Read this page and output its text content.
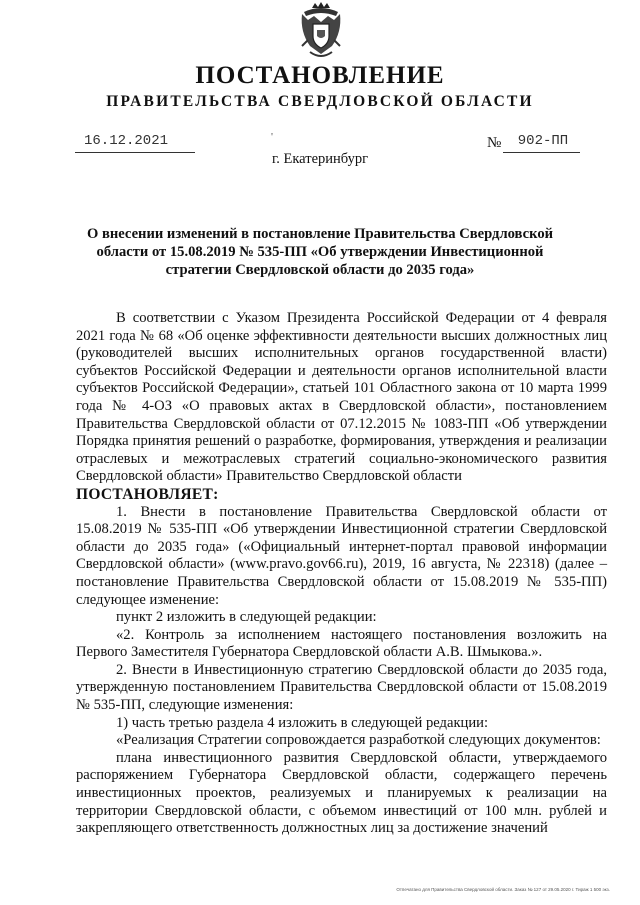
ПОСТАНОВЛЕНИЕ
ПРАВИТЕЛЬСТВА СВЕРДЛОВСКОЙ ОБЛАСТИ
16.12.2021	'	№	902-ПП
г. Екатеринбург
О внесении изменений в постановление Правительства Свердловской области от 15.08.2019 № 535-ПП «Об утверждении Инвестиционной стратегии Свердловской области до 2035 года»

В соответствии с Указом Президента Российской Федерации от 4 февраля 2021 года № 68 «Об оценке эффективности деятельности высших должностных лиц (руководителей высших исполнительных органов государственной власти) субъектов Российской Федерации и деятельности органов исполнительной власти субъектов Российской Федерации», статьей 101 Областного закона от 10 марта 1999 года № 4-ОЗ «О правовых актах в Свердловской области», постановлением Правительства Свердловской области от 07.12.2015 № 1083-ПП «Об утверждении Порядка принятия решений о разработке, формирования, утверждения и реализации отраслевых и межотраслевых стратегий социально-экономического развития Свердловской области» Правительство Свердловской области

ПОСТАНОВЛЯЕТ:

1. Внести в постановление Правительства Свердловской области от 15.08.2019 № 535-ПП «Об утверждении Инвестиционной стратегии Свердловской области до 2035 года» («Официальный интернет-портал правовой информации Свердловской области» (www.pravo.gov66.ru), 2019, 16 августа, № 22318) (далее – постановление Правительства Свердловской области от 15.08.2019 № 535-ПП) следующее изменение:

пункт 2 изложить в следующей редакции:

«2. Контроль за исполнением настоящего постановления возложить на Первого Заместителя Губернатора Свердловской области А.В. Шмыкова.».

2. Внести в Инвестиционную стратегию Свердловской области до 2035 года, утвержденную постановлением Правительства Свердловской области от 15.08.2019 № 535-ПП, следующие изменения:

1) часть третью раздела 4 изложить в следующей редакции:

«Реализация Стратегии сопровождается разработкой следующих документов:

плана инвестиционного развития Свердловской области, утверждаемого распоряжением Губернатора Свердловской области, содержащего перечень инвестиционных проектов, реализуемых и планируемых к реализации на территории Свердловской области, с объемом инвестиций от 100 млн. рублей и закрепляющего ответственность должностных лиц за достижение значений

Отпечатано для Правительства Свердловской области. Заказ № 127 от 29.05.2020 г. Тираж 1 500 экз.
